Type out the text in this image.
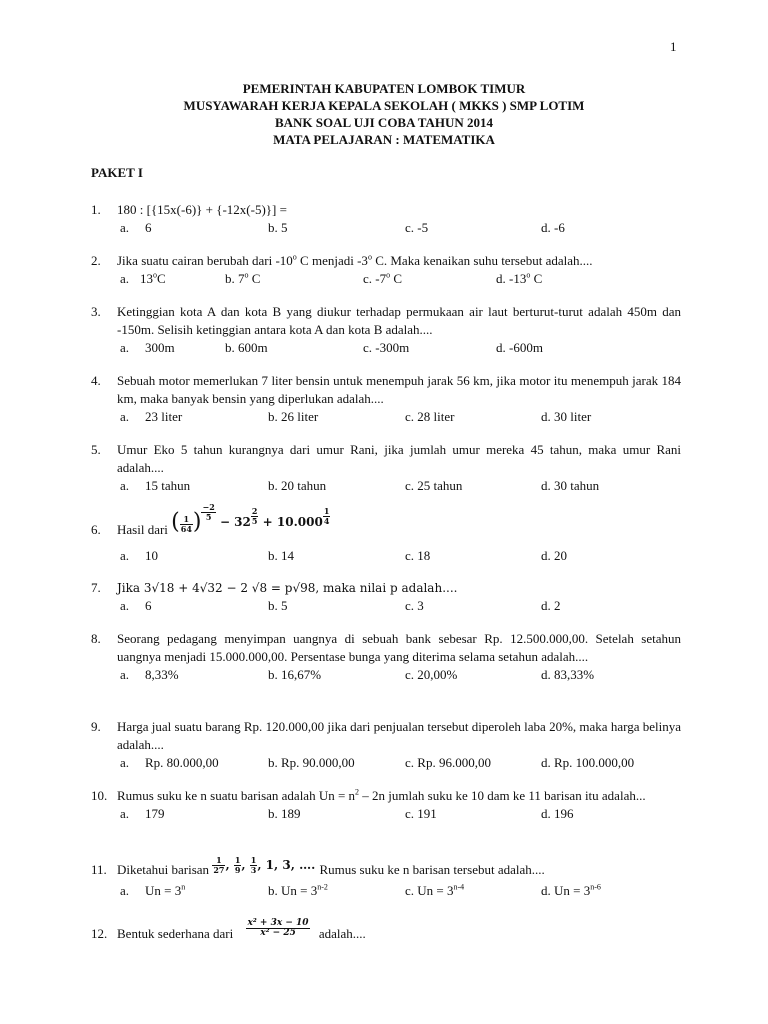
1
PEMERINTAH KABUPATEN LOMBOK TIMUR
MUSYAWARAH KERJA KEPALA SEKOLAH ( MKKS ) SMP LOTIM
BANK SOAL UJI COBA TAHUN 2014
MATA PELAJARAN : MATEMATIKA
PAKET I
1. 180 : [{15x(-6)} + {-12x(-5)}] =
a. 6	b. 5	c. -5	d. -6
2. Jika suatu cairan berubah dari -10$^o$ C menjadi -3$^o$ C. Maka kenaikan suhu tersebut adalah....
a. 13$^o$C	b. 7$^o$ C	c. -7$^o$ C	d. -13$^o$ C
3. Ketinggian kota A dan kota B yang diukur terhadap permukaan air laut berturut-turut adalah 450m dan -150m. Selisih ketinggian antara kota A dan kota B adalah....
a. 300m	b. 600m	c. -300m	d. -600m
4. Sebuah motor memerlukan 7 liter bensin untuk menempuh jarak 56 km, jika motor itu menempuh jarak 184 km, maka banyak bensin yang diperlukan adalah....
a. 23 liter	b. 26 liter	c. 28 liter	d. 30 liter
5. Umur Eko 5 tahun kurangnya dari umur Rani, jika jumlah umur mereka 45 tahun, maka umur Rani adalah....
a. 15 tahun	b. 20 tahun	c. 25 tahun	d. 30 tahun
6. Hasil dari ( $\frac{1}{64}$ ) $\frac{-2}{5} - 32 \frac{2}{5} + 10.000 \frac{1}{4}$
a. 10	b. 14	c. 18	d. 20
7. Jika 3√18 + 4√32 − 2 √8 = p√98, maka nilai p adalah....
a. 6	b. 5	c. 3	d. 2
8. Seorang pedagang menyimpan uangnya di sebuah bank sebesar Rp. 12.500.000,00. Setelah setahun uangnya menjadi 15.000.000,00. Persentase bunga yang diterima selama setahun adalah....
a. 8,33%	b. 16,67%	c. 20,00%	d. 83,33%
9. Harga jual suatu barang Rp. 120.000,00 jika dari penjualan tersebut diperoleh laba 20%, maka harga belinya adalah....
a. Rp. 80.000,00	b. Rp. 90.000,00	c. Rp. 96.000,00	d. Rp. 100.000,00
10. Rumus suku ke n suatu barisan adalah $Un = n^2 - 2n$ jumlah suku ke 10 dam ke 11 barisan itu adalah...
a. 179	b. 189	c. 191	d. 196
11. Diketahui barisan $\frac{1}{27}$ , $\frac{1}{9}$ , $\frac{1}{3}$ , 1, 3, …. Rumus suku ke n barisan tersebut adalah....
a. $Un = 3^n$	b. $Un = 3^{n-2}$	c. $Un = 3^{n-4}$	d. $Un = 3^{n-6}$
12. Bentuk sederhana dari $\frac{\text{x² + 3x − 10}}{\text{x² − 25}}$ adalah....
